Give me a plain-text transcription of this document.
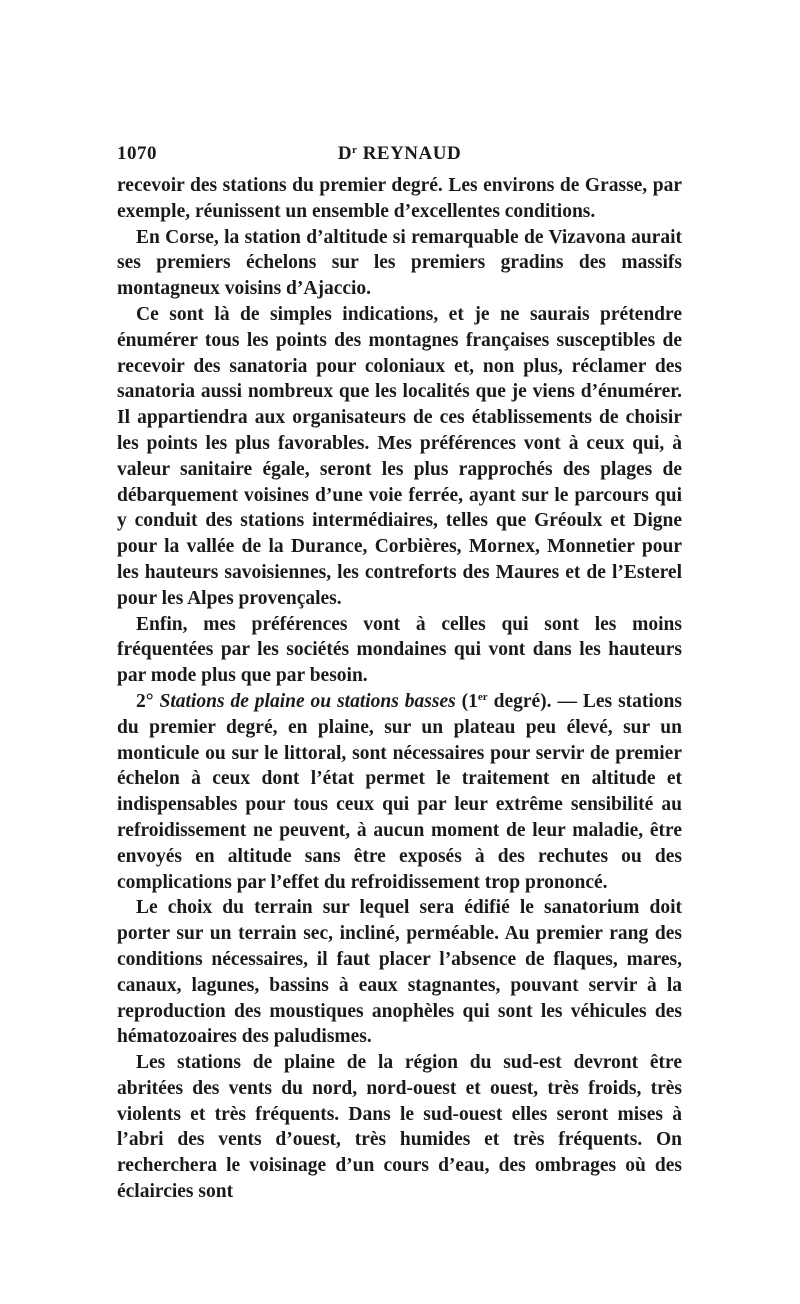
1070	$D^r$ REYNAUD

recevoir des stations du premier degré. Les environs de Grasse, par exemple, réunissent un ensemble d’excellentes conditions.

En Corse, la station d’altitude si remarquable de Vizavona aurait ses premiers échelons sur les premiers gradins des massifs montagneux voisins d’Ajaccio.

Ce sont là de simples indications, et je ne saurais prétendre énumérer tous les points des montagnes françaises susceptibles de recevoir des sanatoria pour coloniaux et, non plus, réclamer des sanatoria aussi nombreux que les localités que je viens d’énumérer. Il appartiendra aux organisateurs de ces établissements de choisir les points les plus favorables. Mes préférences vont à ceux qui, à valeur sanitaire égale, seront les plus rapprochés des plages de débarquement voisines d’une voie ferrée, ayant sur le parcours qui y conduit des stations intermédiaires, telles que Gréoulx et Digne pour la vallée de la Durance, Corbières, Mornex, Monnetier pour les hauteurs savoisiennes, les contreforts des Maures et de l’Esterel pour les Alpes provençales.

Enfin, mes préférences vont à celles qui sont les moins fréquentées par les sociétés mondaines qui vont dans les hauteurs par mode plus que par besoin.

2° Stations de plaine ou stations basses (1er degré). — Les stations du premier degré, en plaine, sur un plateau peu élevé, sur un monticule ou sur le littoral, sont nécessaires pour servir de premier échelon à ceux dont l’état permet le traitement en altitude et indispensables pour tous ceux qui par leur extrême sensibilité au refroidissement ne peuvent, à aucun moment de leur maladie, être envoyés en altitude sans être exposés à des rechutes ou des complications par l’effet du refroidissement trop prononcé.

Le choix du terrain sur lequel sera édifié le sanatorium doit porter sur un terrain sec, incliné, perméable. Au premier rang des conditions nécessaires, il faut placer l’absence de flaques, mares, canaux, lagunes, bassins à eaux stagnantes, pouvant servir à la reproduction des moustiques anophèles qui sont les véhicules des hématozoaires des paludismes.

Les stations de plaine de la région du sud-est devront être abritées des vents du nord, nord-ouest et ouest, très froids, très violents et très fréquents. Dans le sud-ouest elles seront mises à l’abri des vents d’ouest, très humides et très fréquents. On recherchera le voisinage d’un cours d’eau, des ombrages où des éclaircies sont
